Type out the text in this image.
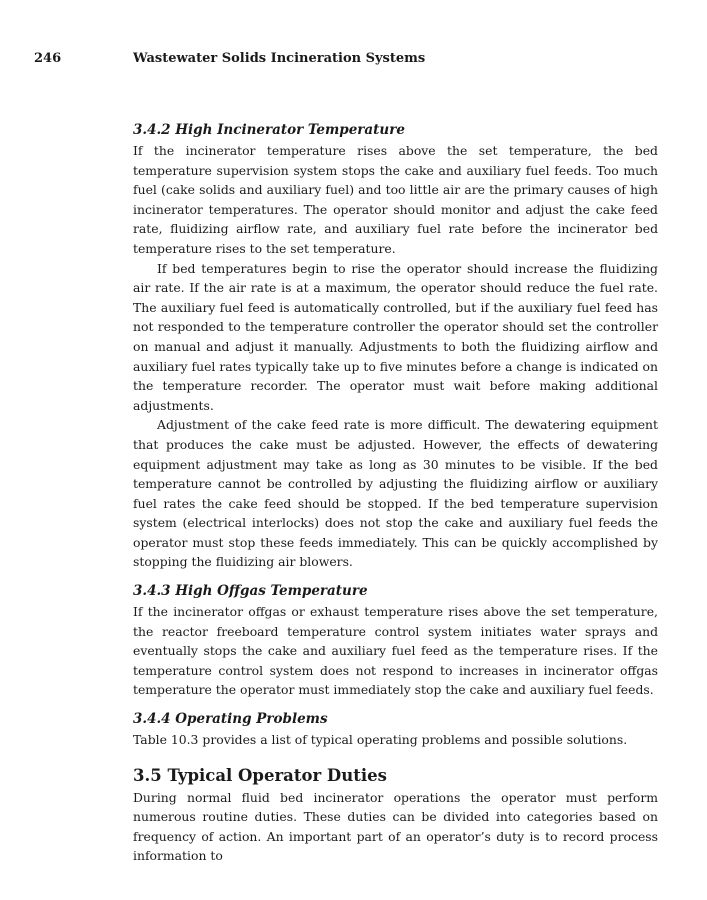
246	Wastewater Solids Incineration Systems
3.4.2 High Incinerator Temperature

If the incinerator temperature rises above the set temperature, the bed temperature supervision system stops the cake and auxiliary fuel feeds. Too much fuel (cake solids and auxiliary fuel) and too little air are the primary causes of high incinerator temperatures. The operator should monitor and adjust the cake feed rate, fluidizing airflow rate, and auxiliary fuel rate before the incinerator bed temperature rises to the set temperature.

If bed temperatures begin to rise the operator should increase the fluidizing air rate. If the air rate is at a maximum, the operator should reduce the fuel rate. The auxiliary fuel feed is automatically controlled, but if the auxiliary fuel feed has not responded to the temperature controller the operator should set the controller on manual and adjust it manually. Adjustments to both the fluidizing airflow and auxiliary fuel rates typically take up to five minutes before a change is indicated on the temperature recorder. The operator must wait before making additional adjustments.

Adjustment of the cake feed rate is more difficult. The dewatering equipment that produces the cake must be adjusted. However, the effects of dewatering equipment adjustment may take as long as 30 minutes to be visible. If the bed temperature cannot be controlled by adjusting the fluidizing airflow or auxiliary fuel rates the cake feed should be stopped. If the bed temperature supervision system (electrical interlocks) does not stop the cake and auxiliary fuel feeds the operator must stop these feeds immediately. This can be quickly accomplished by stopping the fluidizing air blowers.

3.4.3 High Offgas Temperature

If the incinerator offgas or exhaust temperature rises above the set temperature, the reactor freeboard temperature control system initiates water sprays and eventually stops the cake and auxiliary fuel feed as the temperature rises. If the temperature control system does not respond to increases in incinerator offgas temperature the operator must immediately stop the cake and auxiliary fuel feeds.

3.4.4 Operating Problems

Table 10.3 provides a list of typical operating problems and possible solutions.

3.5 Typical Operator Duties

During normal fluid bed incinerator operations the operator must perform numerous routine duties. These duties can be divided into categories based on frequency of action. An important part of an operator’s duty is to record process information to
